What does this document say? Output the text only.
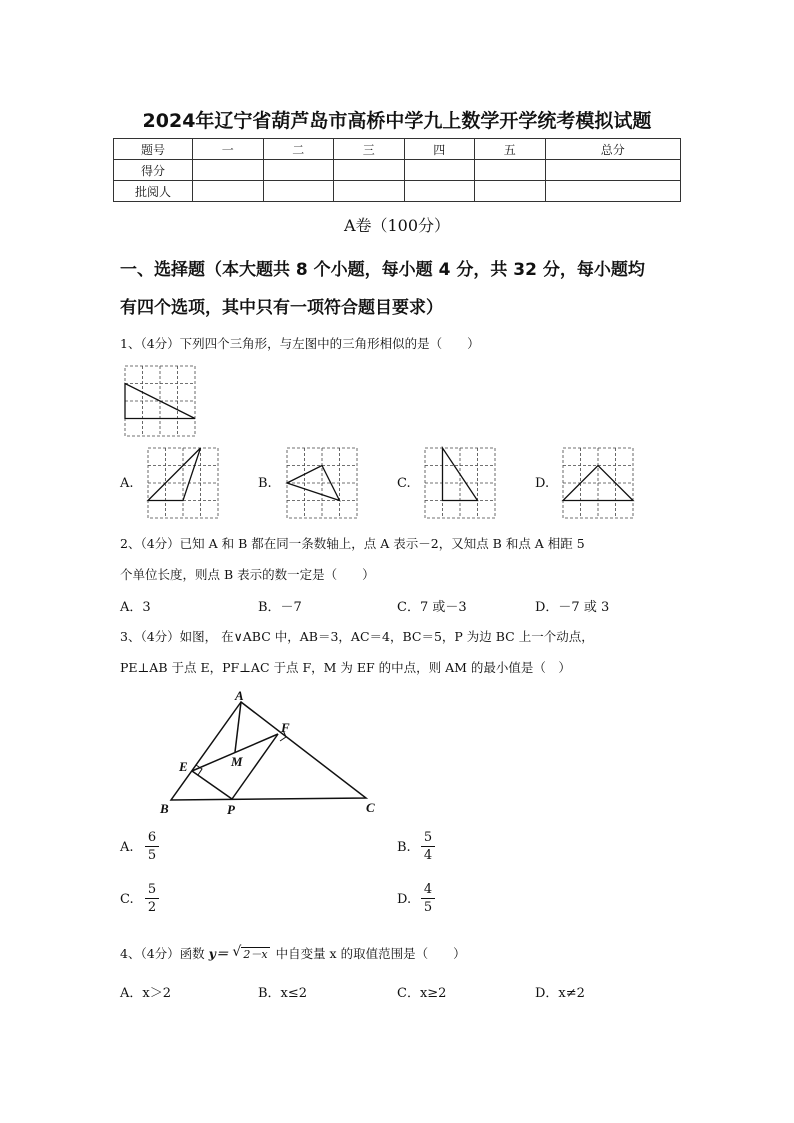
2024年辽宁省葫芦岛市高桥中学九上数学开学统考模拟试题
题号	一	二	三	四	五	总分
得分						
批阅人						
A卷（100分）
一、选择题（本大题共 8 个小题，每小题 4 分，共 32 分，每小题均
有四个选项，其中只有一项符合题目要求）
1、（4分）下列四个三角形，与左图中的三角形相似的是（　　）
A.	B.	C.	D.
2、（4分）已知 A 和 B 都在同一条数轴上，点 A 表示－2，又知点 B 和点 A 相距 5
个单位长度，则点 B 表示的数一定是（　　）
A．3	B．－7	C．7 或－3	D．－7 或 3
3、（4分）如图， 在∨ABC 中，AB＝3，AC＝4，BC＝5，P 为边 BC 上一个动点，
PE⊥AB 于点 E，PF⊥AC 于点 F，M 为 EF 的中点，则 AM 的最小值是（　）
A
B	C
E
F
M
P
A. $\frac{6}{5}$	B. $\frac{5}{4}$
C. $\frac{5}{2}$	D. $\frac{4}{5}$
4、（4分）函数 y＝ √ 2－x 中自变量 x 的取值范围是（　　）
A．x＞2	B．x≤2	C．x≥2	D．x≠2
